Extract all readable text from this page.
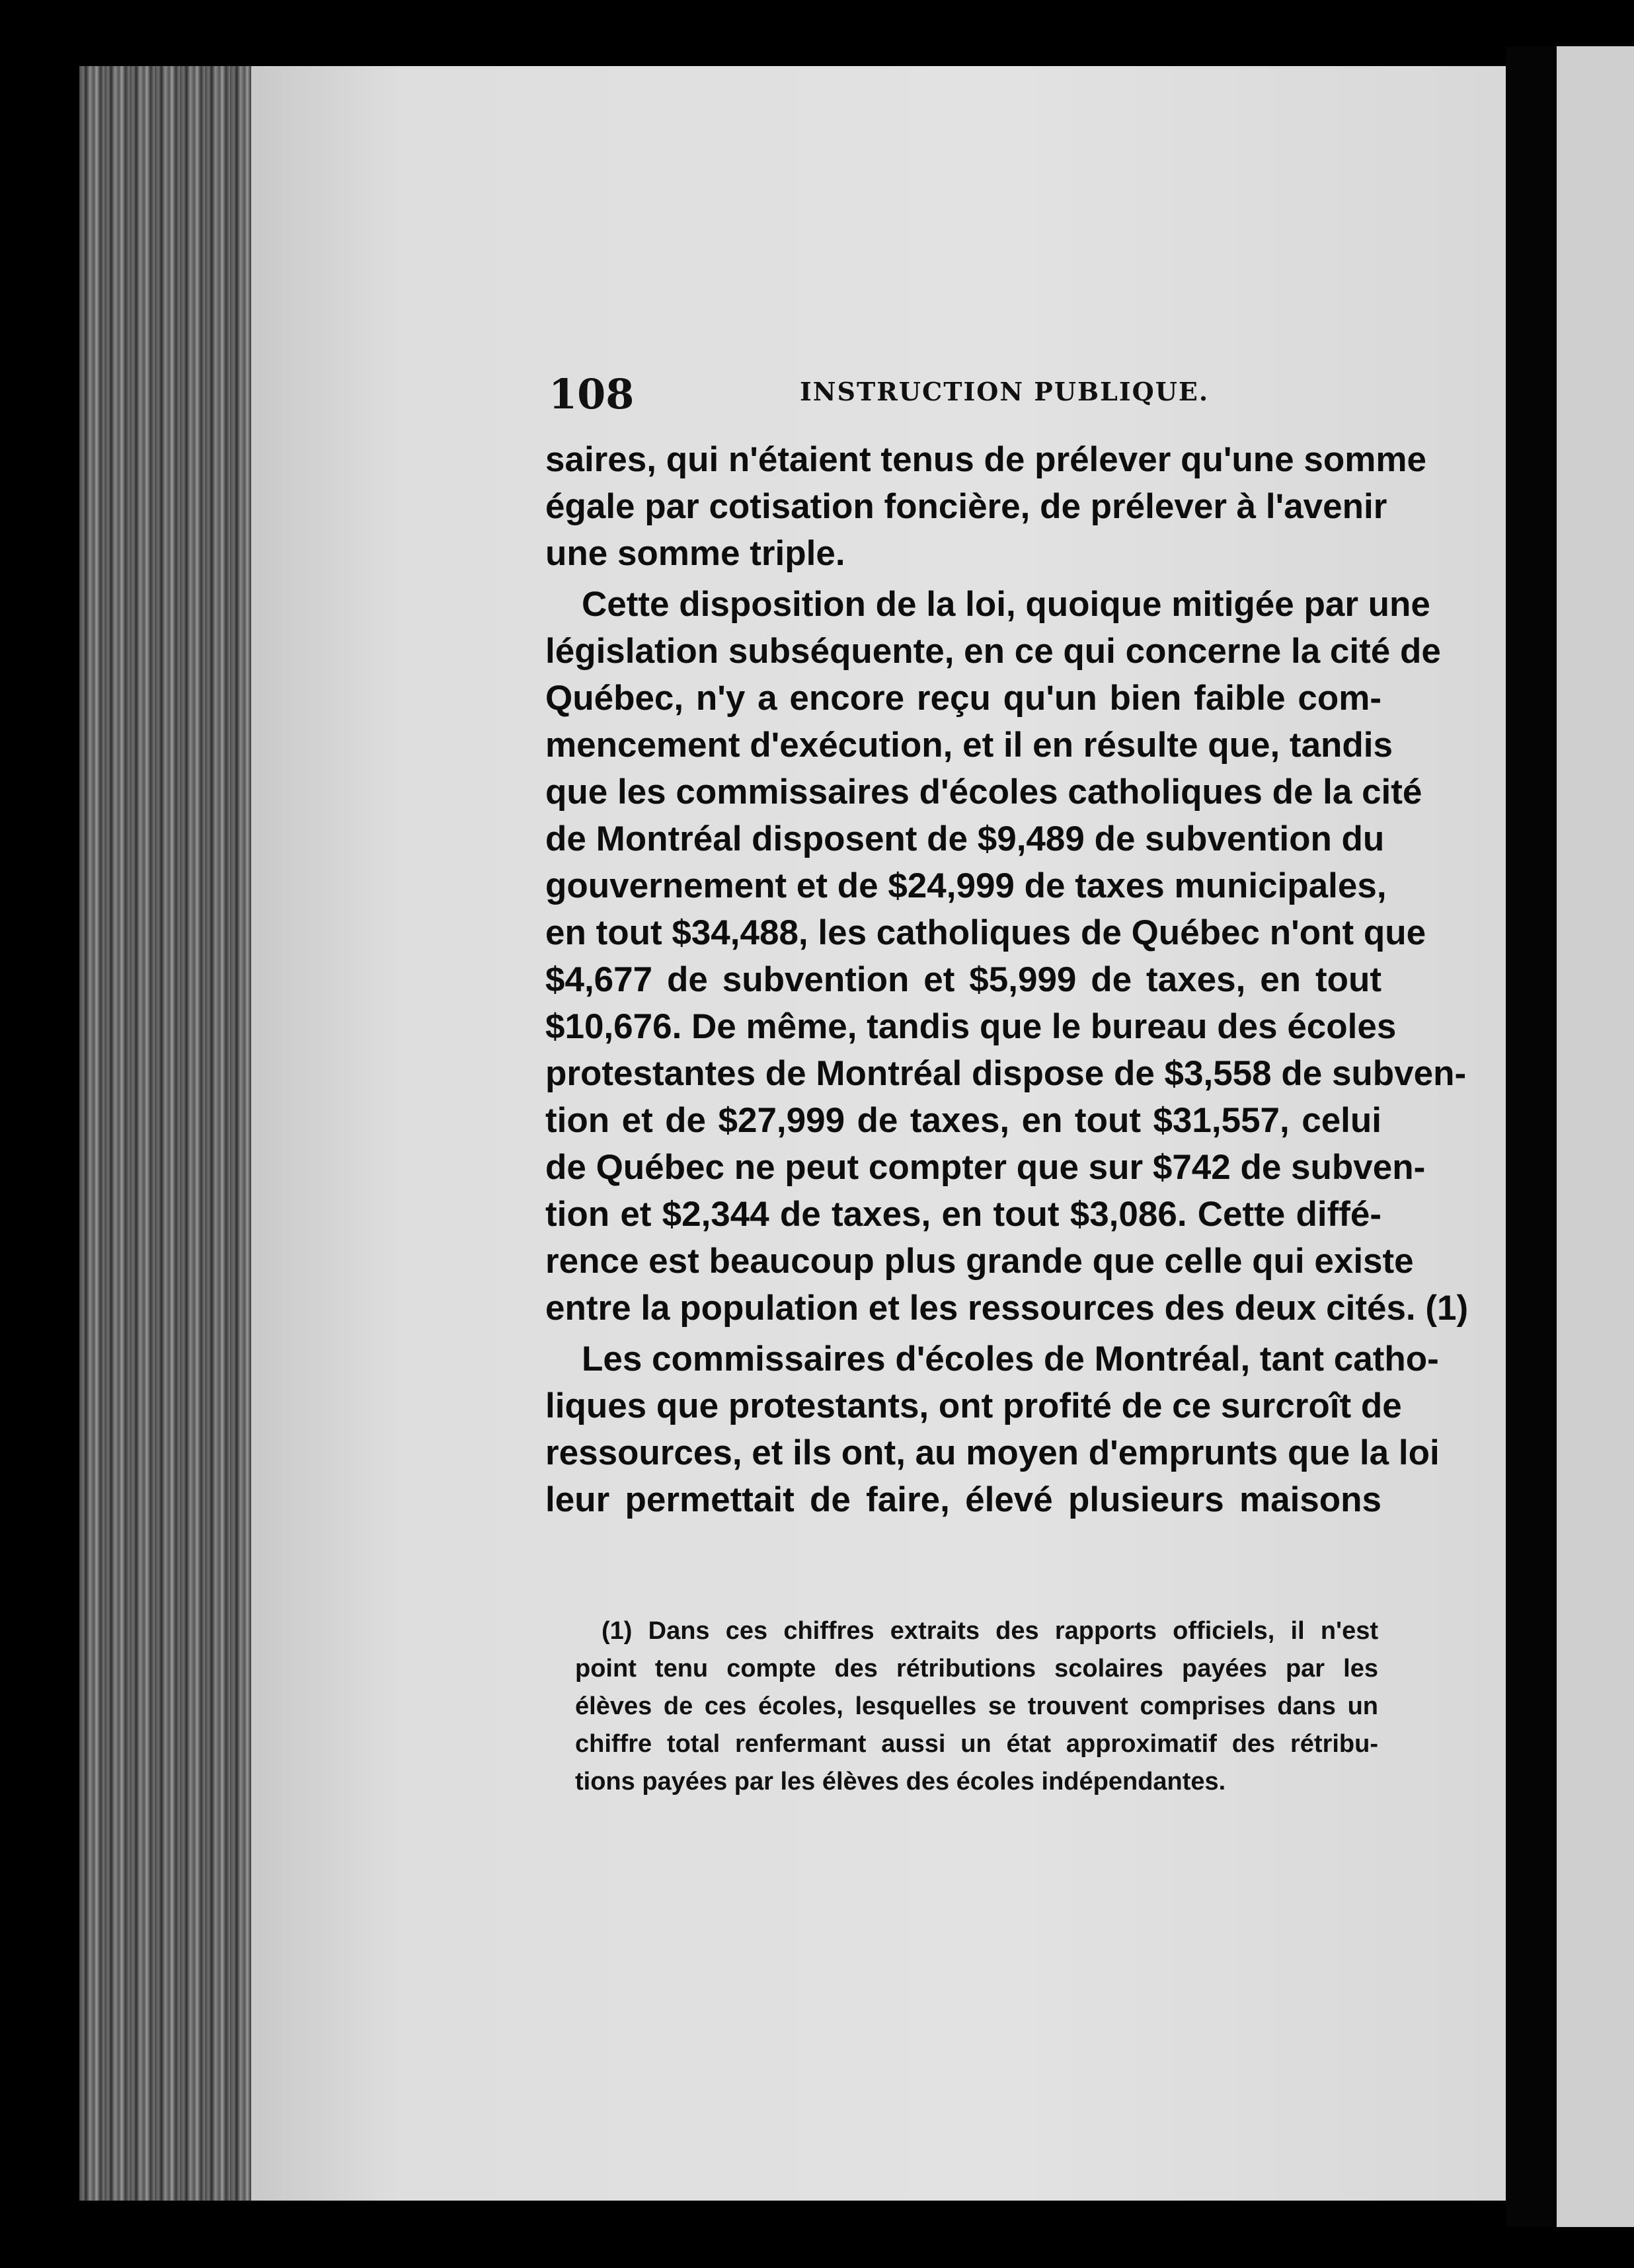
108	INSTRUCTION PUBLIQUE.
saires, qui n'étaient tenus de prélever qu'une somme
égale par cotisation foncière, de prélever à l'avenir
une somme triple.
Cette disposition de la loi, quoique mitigée par une
législation subséquente, en ce qui concerne la cité de
Québec, n'y a encore reçu qu'un bien faible com-
mencement d'exécution, et il en résulte que, tandis
que les commissaires d'écoles catholiques de la cité
de Montréal disposent de $9,489 de subvention du
gouvernement et de $24,999 de taxes municipales,
en tout $34,488, les catholiques de Québec n'ont que
$4,677 de subvention et $5,999 de taxes, en tout
$10,676. De même, tandis que le bureau des écoles
protestantes de Montréal dispose de $3,558 de subven-
tion et de $27,999 de taxes, en tout $31,557, celui
de Québec ne peut compter que sur $742 de subven-
tion et $2,344 de taxes, en tout $3,086. Cette diffé-
rence est beaucoup plus grande que celle qui existe
entre la population et les ressources des deux cités. (1)
Les commissaires d'écoles de Montréal, tant catho-
liques que protestants, ont profité de ce surcroît de
ressources, et ils ont, au moyen d'emprunts que la loi
leur permettait de faire, élevé plusieurs maisons
(1) Dans ces chiffres extraits des rapports officiels, il n'est
point tenu compte des rétributions scolaires payées par les
élèves de ces écoles, lesquelles se trouvent comprises dans un
chiffre total renfermant aussi un état approximatif des rétribu-
tions payées par les élèves des écoles indépendantes.
